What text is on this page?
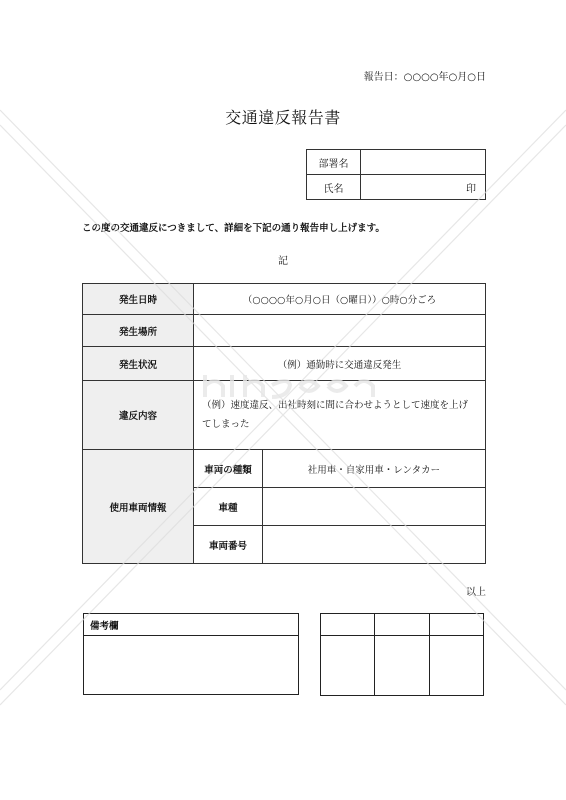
報告日：○○○○年○月○日
交通違反報告書
部署名	
氏名	印
この度の交通違反につきまして、詳細を下記の通り報告申し上げます。
記
発生日時	（○○○○年○月○日（○曜日））○時○分ごろ	
発生場所		
発生状況	（例）通勤時に交通違反発生	
違反内容	（例）速度違反、出社時刻に間に合わせようとして速度を上げてしまった	
使用車両情報	車両の種類	社用車・自家用車・レンタカー
	車種	
	車両番号	
以上
備考欄
